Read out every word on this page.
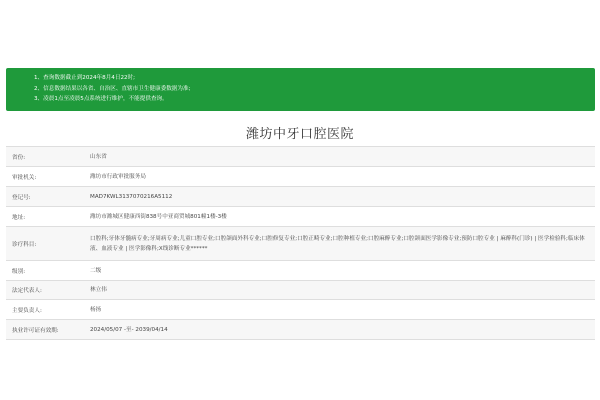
1、查询数据截止到2024年8月4日22时;
2、信息数据结果以各省、自治区、直辖市卫生健康委数据为准;
3、凌晨1点至凌晨5点系统进行维护，不能提供查询。
潍坊中牙口腔医院
省份:	山东省
审批机关:	潍坊市行政审批服务局
登记号:	MAD7KWL3137070216A5112
地址:	潍坊市潍城区健康西街838号中亚商贸城801幢1楼-3楼
诊疗科目:
口腔科;牙体牙髓病专业;牙周病专业;儿童口腔专业;口腔颌面外科专业;口腔修复专业;口腔正畸专业;口腔种植专业;口腔麻醉专业;口腔颌面医学影像专业;预防口腔专业 | 麻醉科(门诊) | 医学检验科;临床体液、血液专业 | 医学影像科;X线诊断专业******
级别:	二级
法定代表人:	林立伟
主要负责人:	杨扬
执业许可证有效期:	2024/05/07 -至- 2039/04/14
